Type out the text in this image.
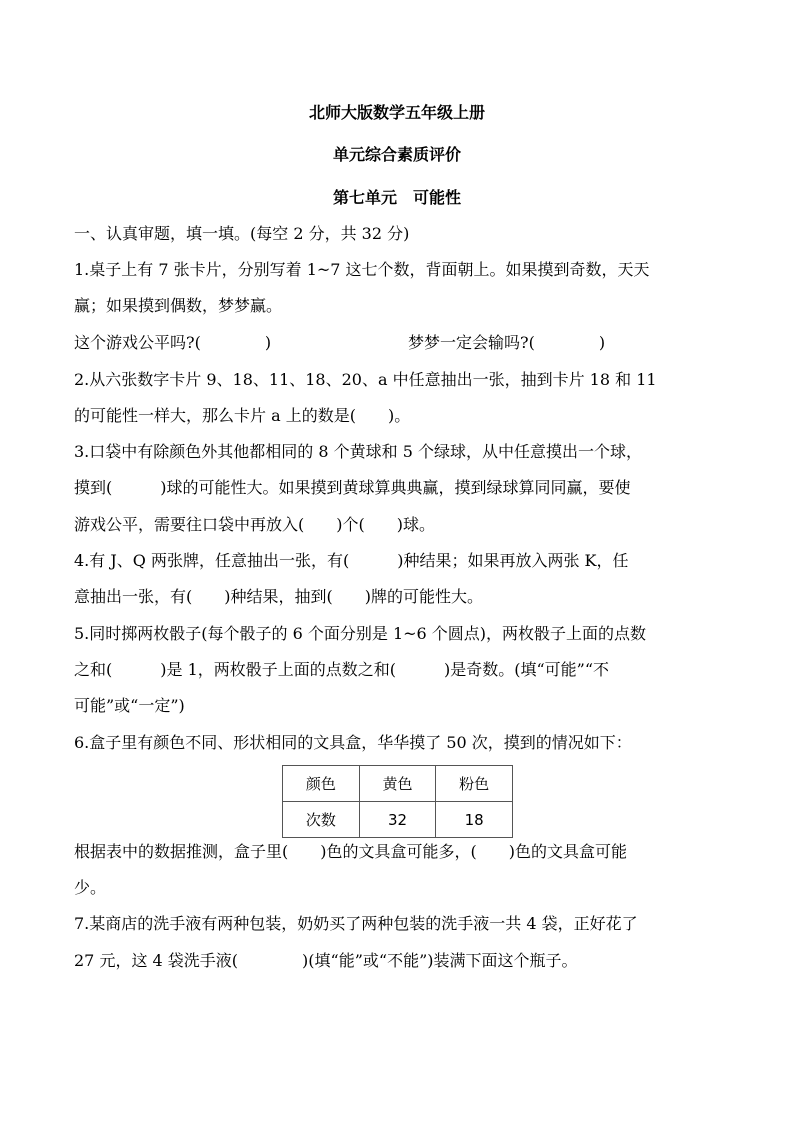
北师大版数学五年级上册
单元综合素质评价
第七单元　可能性
一、认真审题，填一填。(每空 2 分，共 32 分)
1.桌子上有 7 张卡片，分别写着 1~7 这七个数，背面朝上。如果摸到奇数，天天
赢；如果摸到偶数，梦梦赢。
这个游戏公平吗?(　　　　)	梦梦一定会输吗?(　　　　)
2.从六张数字卡片 9、18、11、18、20、a 中任意抽出一张，抽到卡片 18 和 11
的可能性一样大，那么卡片 a 上的数是(　　)。
3.口袋中有除颜色外其他都相同的 8 个黄球和 5 个绿球，从中任意摸出一个球，
摸到(　　　)球的可能性大。如果摸到黄球算典典赢，摸到绿球算同同赢，要使
游戏公平，需要往口袋中再放入(　　)个(　　)球。
4.有 J、Q 两张牌，任意抽出一张，有(　　　)种结果；如果再放入两张 K，任
意抽出一张，有(　　)种结果，抽到(　　)牌的可能性大。
5.同时掷两枚骰子(每个骰子的 6 个面分别是 1~6 个圆点)，两枚骰子上面的点数
之和(　　　)是 1，两枚骰子上面的点数之和(　　　)是奇数。(填“可能”“不
可能”或“一定”)
6.盒子里有颜色不同、形状相同的文具盒，华华摸了 50 次，摸到的情况如下：
颜色	黄色	粉色
次数	32	18
根据表中的数据推测，盒子里(　　)色的文具盒可能多，(　　)色的文具盒可能
少。
7.某商店的洗手液有两种包装，奶奶买了两种包装的洗手液一共 4 袋，正好花了
27 元，这 4 袋洗手液(　　　　)(填“能”或“不能”)装满下面这个瓶子。
